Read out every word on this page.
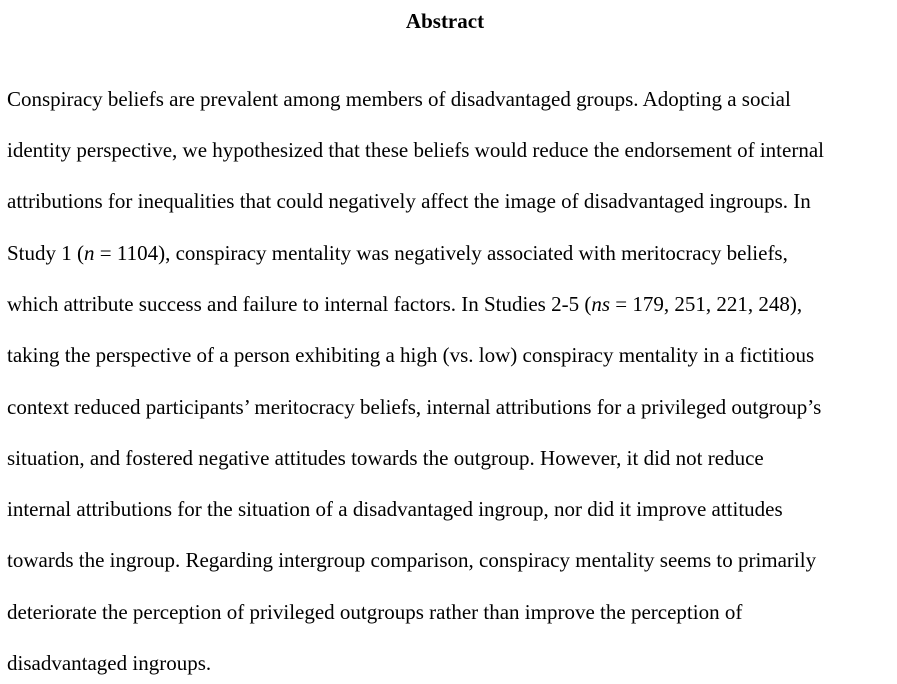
Abstract
Conspiracy beliefs are prevalent among members of disadvantaged groups. Adopting a social
identity perspective, we hypothesized that these beliefs would reduce the endorsement of internal
attributions for inequalities that could negatively affect the image of disadvantaged ingroups. In
Study 1 (n = 1104), conspiracy mentality was negatively associated with meritocracy beliefs,
which attribute success and failure to internal factors. In Studies 2-5 (ns = 179, 251, 221, 248),
taking the perspective of a person exhibiting a high (vs. low) conspiracy mentality in a fictitious
context reduced participants’ meritocracy beliefs, internal attributions for a privileged outgroup’s
situation, and fostered negative attitudes towards the outgroup. However, it did not reduce
internal attributions for the situation of a disadvantaged ingroup, nor did it improve attitudes
towards the ingroup. Regarding intergroup comparison, conspiracy mentality seems to primarily
deteriorate the perception of privileged outgroups rather than improve the perception of
disadvantaged ingroups.
